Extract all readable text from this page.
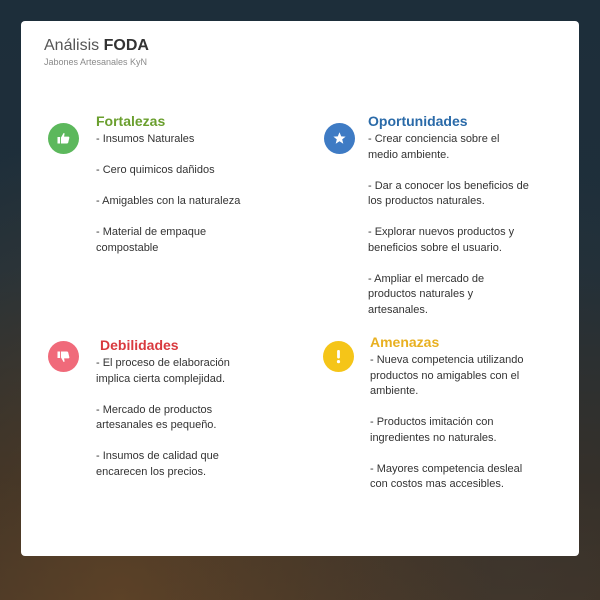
Análisis FODA
Jabones Artesanales KyN
Fortalezas
- Insumos Naturales
- Cero quimicos dañidos
- Amigables con la naturaleza
- Material de empaque compostable
Oportunidades
- Crear conciencia sobre el medio ambiente.
- Dar a conocer los beneficios de los productos naturales.
- Explorar nuevos productos y beneficios sobre el usuario.
- Ampliar el mercado de productos naturales y artesanales.
Debilidades
- El proceso de elaboración implica cierta complejidad.
- Mercado de productos artesanales es pequeño.
- Insumos de calidad que encarecen los precios.
Amenazas
- Nueva competencia utilizando productos no amigables con el ambiente.
- Productos imitación con ingredientes no naturales.
- Mayores competencia desleal con costos mas accesibles.
